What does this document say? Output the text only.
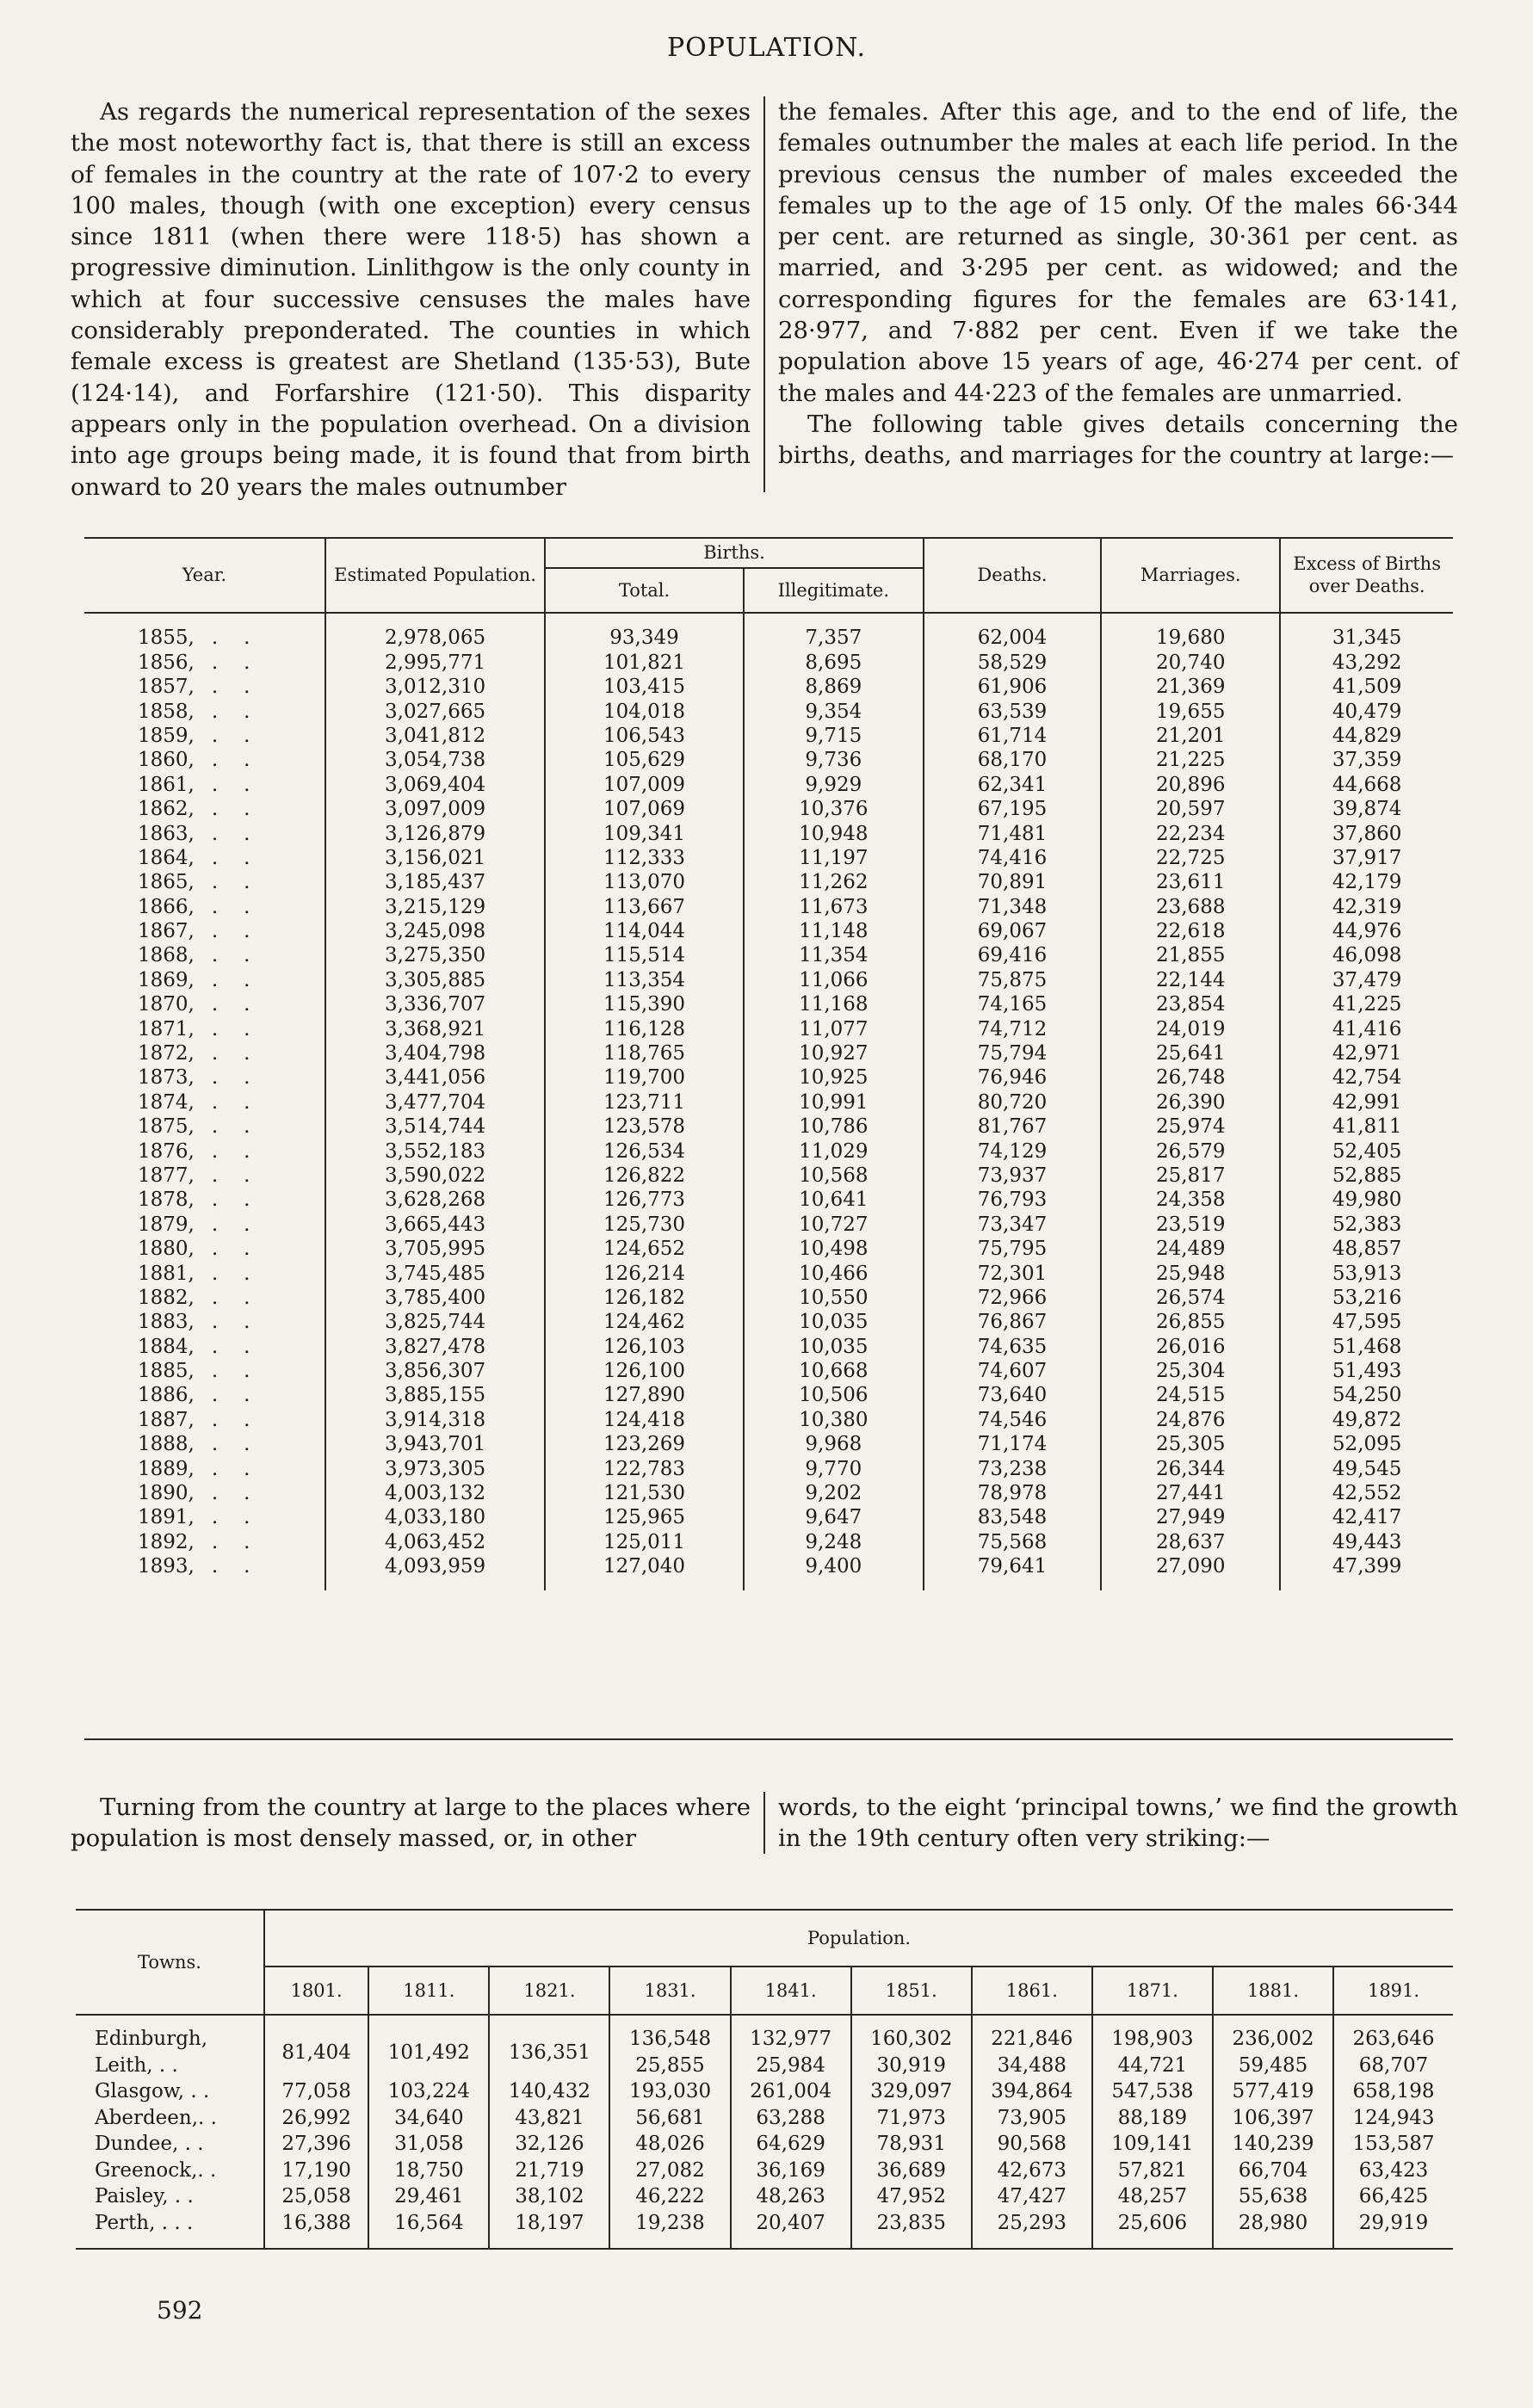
POPULATION.

As regards the numerical representation of the sexes the most noteworthy fact is, that there is still an excess of females in the country at the rate of 107·2 to every 100 males, though (with one exception) every census since 1811 (when there were 118·5) has shown a progressive diminution. Linlithgow is the only county in which at four successive censuses the males have considerably preponderated. The counties in which female excess is greatest are Shetland (135·53), Bute (124·14), and Forfarshire (121·50). This disparity appears only in the population overhead. On a division into age groups being made, it is found that from birth onward to 20 years the males outnumber

the females. After this age, and to the end of life, the females outnumber the males at each life period. In the previous census the number of males exceeded the females up to the age of 15 only. Of the males 66·344 per cent. are returned as single, 30·361 per cent. as married, and 3·295 per cent. as widowed; and the corresponding figures for the females are 63·141, 28·977, and 7·882 per cent. Even if we take the population above 15 years of age, 46·274 per cent. of the males and 44·223 of the females are unmarried.

The following table gives details concerning the births, deaths, and marriages for the country at large:—

Year.	Estimated Population.	Births.		Deaths.	Marriages.	Excess of Births over Deaths.
		Total.	Illegitimate.			

1855, ..	2,978,065	93,349	7,357	62,004	19,680	31,345
1856, ..	2,995,771	101,821	8,695	58,529	20,740	43,292
1857, ..	3,012,310	103,415	8,869	61,906	21,369	41,509
1858, ..	3,027,665	104,018	9,354	63,539	19,655	40,479
1859, ..	3,041,812	106,543	9,715	61,714	21,201	44,829
1860, ..	3,054,738	105,629	9,736	68,170	21,225	37,359
1861, ..	3,069,404	107,009	9,929	62,341	20,896	44,668
1862, ..	3,097,009	107,069	10,376	67,195	20,597	39,874
1863, ..	3,126,879	109,341	10,948	71,481	22,234	37,860
1864, ..	3,156,021	112,333	11,197	74,416	22,725	37,917
1865, ..	3,185,437	113,070	11,262	70,891	23,611	42,179
1866, ..	3,215,129	113,667	11,673	71,348	23,688	42,319
1867, ..	3,245,098	114,044	11,148	69,067	22,618	44,976
1868, ..	3,275,350	115,514	11,354	69,416	21,855	46,098
1869, ..	3,305,885	113,354	11,066	75,875	22,144	37,479
1870, ..	3,336,707	115,390	11,168	74,165	23,854	41,225
1871, ..	3,368,921	116,128	11,077	74,712	24,019	41,416
1872, ..	3,404,798	118,765	10,927	75,794	25,641	42,971
1873, ..	3,441,056	119,700	10,925	76,946	26,748	42,754
1874, ..	3,477,704	123,711	10,991	80,720	26,390	42,991
1875, ..	3,514,744	123,578	10,786	81,767	25,974	41,811
1876, ..	3,552,183	126,534	11,029	74,129	26,579	52,405
1877, ..	3,590,022	126,822	10,568	73,937	25,817	52,885
1878, ..	3,628,268	126,773	10,641	76,793	24,358	49,980
1879, ..	3,665,443	125,730	10,727	73,347	23,519	52,383
1880, ..	3,705,995	124,652	10,498	75,795	24,489	48,857
1881, ..	3,745,485	126,214	10,466	72,301	25,948	53,913
1882, ..	3,785,400	126,182	10,550	72,966	26,574	53,216
1883, ..	3,825,744	124,462	10,035	76,867	26,855	47,595
1884, ..	3,827,478	126,103	10,035	74,635	26,016	51,468
1885, ..	3,856,307	126,100	10,668	74,607	25,304	51,493
1886, ..	3,885,155	127,890	10,506	73,640	24,515	54,250
1887, ..	3,914,318	124,418	10,380	74,546	24,876	49,872
1888, ..	3,943,701	123,269	9,968	71,174	25,305	52,095
1889, ..	3,973,305	122,783	9,770	73,238	26,344	49,545
1890, ..	4,003,132	121,530	9,202	78,978	27,441	42,552
1891, ..	4,033,180	125,965	9,647	83,548	27,949	42,417
1892, ..	4,063,452	125,011	9,248	75,568	28,637	49,443
1893, ..	4,093,959	127,040	9,400	79,641	27,090	47,399

Turning from the country at large to the places where population is most densely massed, or, in other

words, to the eight ‘principal towns,’ we find the growth in the 19th century often very striking:—

Towns.	Population.									
	1801.	1811.	1821.	1831.	1841.	1851.	1861.	1871.	1881.	1891.

Edinburgh,	81,404	101,492	136,351	136,548	132,977	160,302	221,846	198,903	236,002	263,646
Leith, . .				25,855	25,984	30,919	34,488	44,721	59,485	68,707
Glasgow, . .	77,058	103,224	140,432	193,030	261,004	329,097	394,864	547,538	577,419	658,198
Aberdeen,. .	26,992	34,640	43,821	56,681	63,288	71,973	73,905	88,189	106,397	124,943
Dundee, . .	27,396	31,058	32,126	48,026	64,629	78,931	90,568	109,141	140,239	153,587
Greenock,. .	17,190	18,750	21,719	27,082	36,169	36,689	42,673	57,821	66,704	63,423
Paisley, . .	25,058	29,461	38,102	46,222	48,263	47,952	47,427	48,257	55,638	66,425
Perth, . . .	16,388	16,564	18,197	19,238	20,407	23,835	25,293	25,606	28,980	29,919

592
